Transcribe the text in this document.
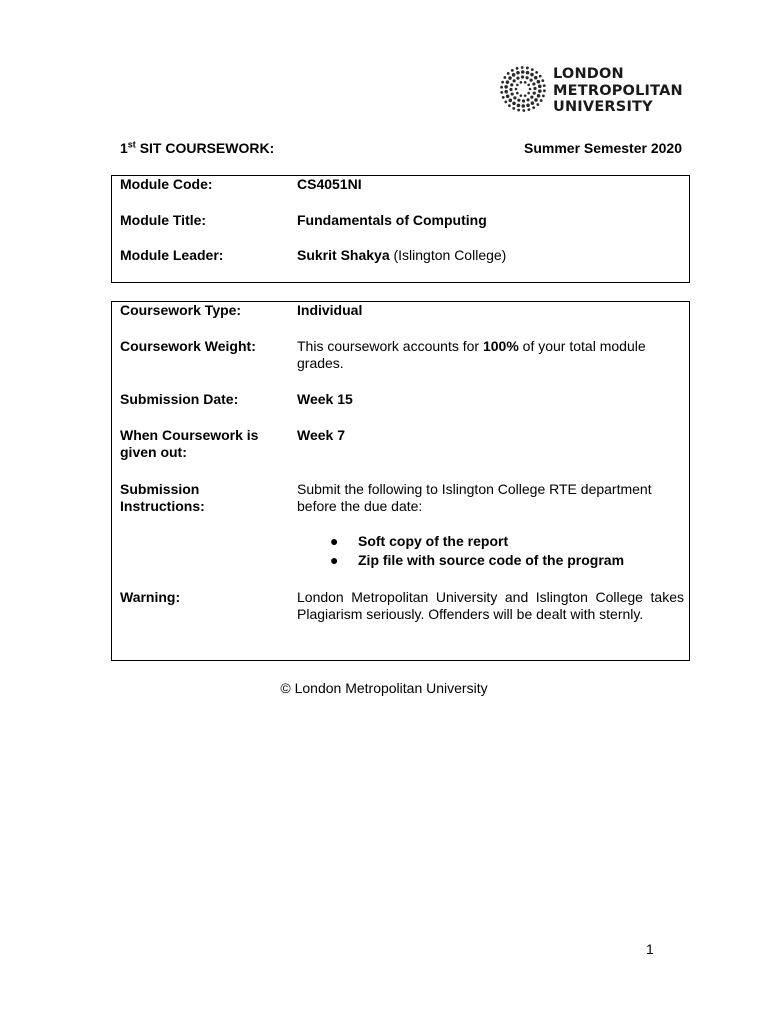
LONDON
METROPOLITAN
UNIVERSITY
1st SIT COURSEWORK:	Summer Semester 2020
Module Code:	CS4051NI
Module Title:	Fundamentals of Computing
Module Leader:	Sukrit Shakya (Islington College)
Coursework Type:	Individual
Coursework Weight:	This coursework accounts for 100% of your total module grades.
Submission Date:	Week 15
When Coursework is given out:
Week 7
Submission Instructions:
Submit the following to Islington College RTE department before the due date:
● Soft copy of the report
● Zip file with source code of the program
Warning:	London Metropolitan University and Islington College takes Plagiarism seriously. Offenders will be dealt with sternly.
© London Metropolitan University
1
